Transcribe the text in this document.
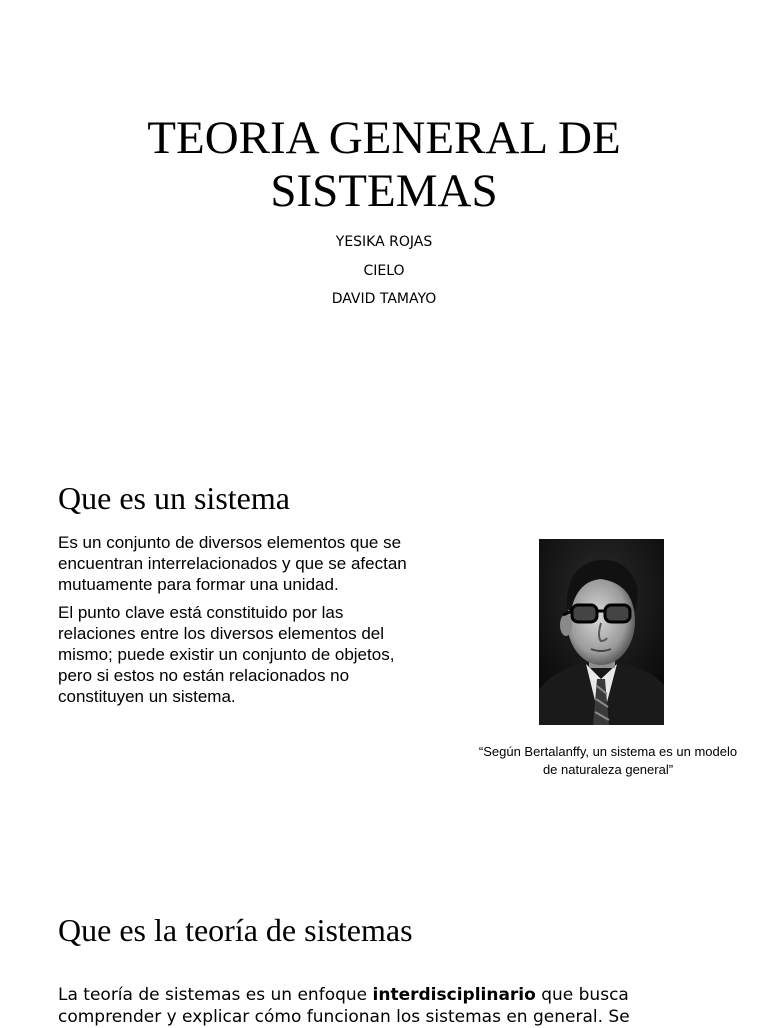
TEORIA GENERAL DE
SISTEMAS
YESIKA ROJAS
CIELO
DAVID TAMAYO
Que es un sistema

Es un conjunto de diversos elementos que se encuentran interrelacionados y que se afectan mutuamente para formar una unidad.

El punto clave está constituido por las relaciones entre los diversos elementos del mismo; puede existir un conjunto de objetos, pero si estos no están relacionados no constituyen un sistema.

“Según Bertalanffy, un sistema es un modelo de naturaleza general”
Que es la teoría de sistemas
La teoría de sistemas es un enfoque interdisciplinario que busca comprender y explicar cómo funcionan los sistemas en general. Se
